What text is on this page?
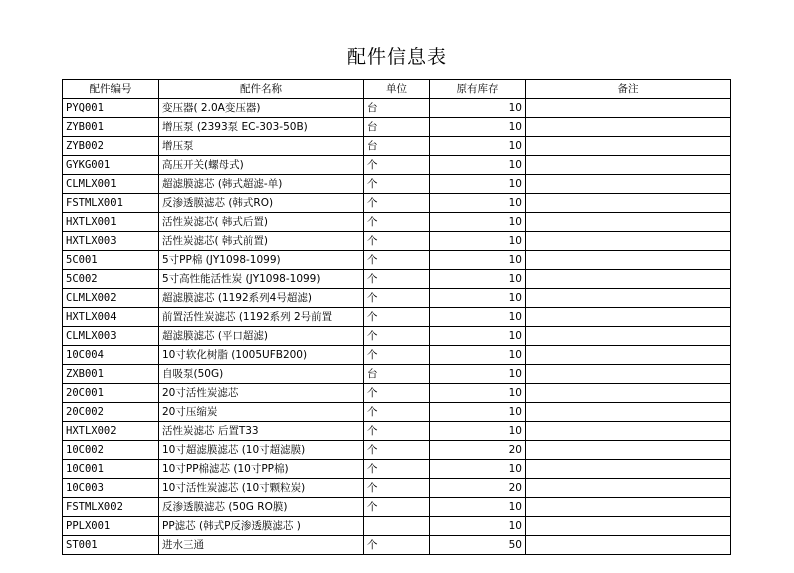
配件信息表
配件编号	配件名称	单位	原有库存	备注
PYQ001	变压器( 2.0A变压器)	台	10	
ZYB001	增压泵 (2393泵 EC-303-50B)	台	10	
ZYB002	增压泵	台	10	
GYKG001	高压开关(螺母式)	个	10	
CLMLX001	超滤膜滤芯 (韩式超滤-单)	个	10	
FSTMLX001	反渗透膜滤芯 (韩式RO)	个	10	
HXTLX001	活性炭滤芯( 韩式后置)	个	10	
HXTLX003	活性炭滤芯( 韩式前置)	个	10	
5C001	5寸PP棉 (JY1098-1099)	个	10	
5C002	5寸高性能活性炭 (JY1098-1099)	个	10	
CLMLX002	超滤膜滤芯 (1192系列4号超滤)	个	10	
HXTLX004	前置活性炭滤芯 (1192系列 2号前置	个	10	
CLMLX003	超滤膜滤芯 (平口超滤)	个	10	
10C004	10寸软化树脂 (1005UFB200)	个	10	
ZXB001	自吸泵(50G)	台	10	
20C001	20寸活性炭滤芯	个	10	
20C002	20寸压缩炭	个	10	
HXTLX002	活性炭滤芯 后置T33	个	10	
10C002	10寸超滤膜滤芯 (10寸超滤膜)	个	20	
10C001	10寸PP棉滤芯 (10寸PP棉)	个	10	
10C003	10寸活性炭滤芯 (10寸颗粒炭)	个	20	
FSTMLX002	反渗透膜滤芯 (50G RO膜)	个	10	
PPLX001	PP滤芯 (韩式P反渗透膜滤芯 )		10	
ST001	进水三通	个	50	
